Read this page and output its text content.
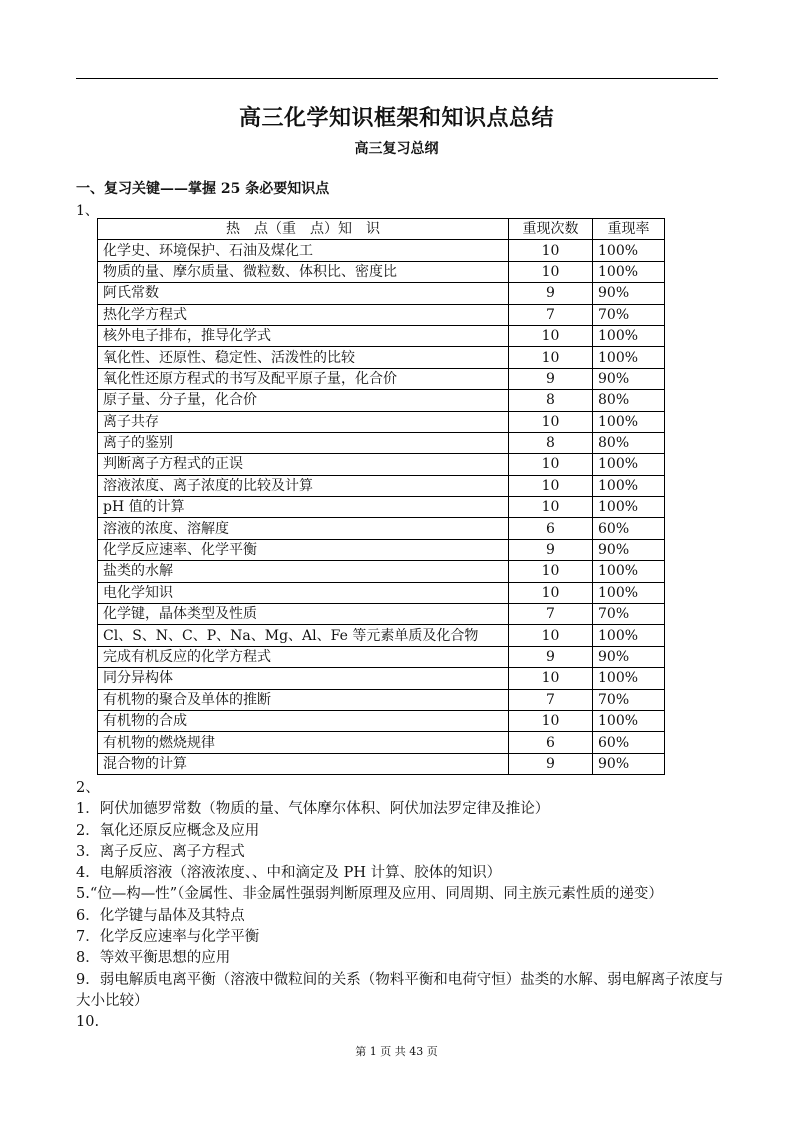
高三化学知识框架和知识点总结
高三复习总纲
一、复习关键——掌握 25 条必要知识点
1、
热　点（重　点）知　识	重现次数	重现率
化学史、环境保护、石油及煤化工	10	100%
物质的量、摩尔质量、微粒数、体积比、密度比	10	100%
阿氏常数	9	90%
热化学方程式	7	70%
核外电子排布，推导化学式	10	100%
氧化性、还原性、稳定性、活泼性的比较	10	100%
氧化性还原方程式的书写及配平原子量，化合价	9	90%
原子量、分子量，化合价	8	80%
离子共存	10	100%
离子的鉴别	8	80%
判断离子方程式的正误	10	100%
溶液浓度、离子浓度的比较及计算	10	100%
pH 值的计算	10	100%
溶液的浓度、溶解度	6	60%
化学反应速率、化学平衡	9	90%
盐类的水解	10	100%
电化学知识	10	100%
化学键，晶体类型及性质	7	70%
Cl、S、N、C、P、Na、Mg、Al、Fe 等元素单质及化合物	10	100%
完成有机反应的化学方程式	9	90%
同分异构体	10	100%
有机物的聚合及单体的推断	7	70%
有机物的合成	10	100%
有机物的燃烧规律	6	60%
混合物的计算	9	90%
2、
1．阿伏加德罗常数（物质的量、气体摩尔体积、阿伏加法罗定律及推论）
2．氧化还原反应概念及应用
3．离子反应、离子方程式
4．电解质溶液（溶液浓度、、中和滴定及 PH 计算、胶体的知识）
5.“位—构—性”（金属性、非金属性强弱判断原理及应用、同周期、同主族元素性质的递变）
6．化学键与晶体及其特点
7．化学反应速率与化学平衡
8．等效平衡思想的应用
9．弱电解质电离平衡（溶液中微粒间的关系（物料平衡和电荷守恒）盐类的水解、弱电解离子浓度与大小比较）
10.
第 1 页 共 43 页
